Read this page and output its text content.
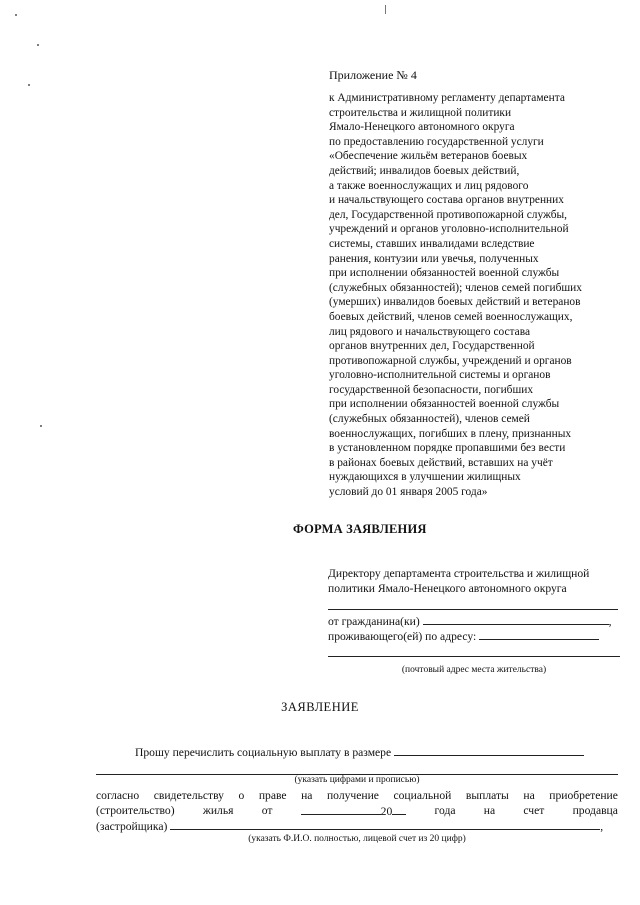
Приложение № 4
к Административному регламенту департамента
строительства и жилищной политики
Ямало-Ненецкого автономного округа
по предоставлению государственной услуги
«Обеспечение жильём ветеранов боевых
действий; инвалидов боевых действий,
а также военнослужащих и лиц рядового
и начальствующего состава органов внутренних
дел, Государственной противопожарной службы,
учреждений и органов уголовно-исполнительной
системы, ставших инвалидами вследствие
ранения, контузии или увечья, полученных
при исполнении обязанностей военной службы
(служебных обязанностей); членов семей погибших
(умерших) инвалидов боевых действий и ветеранов
боевых действий, членов семей военнослужащих,
лиц рядового и начальствующего состава
органов внутренних дел, Государственной
противопожарной службы, учреждений и органов
уголовно-исполнительной системы и органов
государственной безопасности, погибших
при исполнении обязанностей военной службы
(служебных обязанностей), членов семей
военнослужащих, погибших в плену, признанных
в установленном порядке пропавшими без вести
в районах боевых действий, вставших на учёт
нуждающихся в улучшении жилищных
условий до 01 января 2005 года»
ФОРМА ЗАЯВЛЕНИЯ
Директору департамента строительства и жилищной
политики Ямало-Ненецкого автономного округа
от гражданина(ки)	,
проживающего(ей) по адресу:
(почтовый адрес места жительства)
ЗАЯВЛЕНИЕ
Прошу перечислить социальную выплату в размере
(указать цифрами и прописью)
согласно свидетельству о праве на получение социальной выплаты на приобретение
(строительство) жилья от	20	года на счет продавца
(застройщика)	,
(указать Ф.И.О. полностью, лицевой счет из 20 цифр)
